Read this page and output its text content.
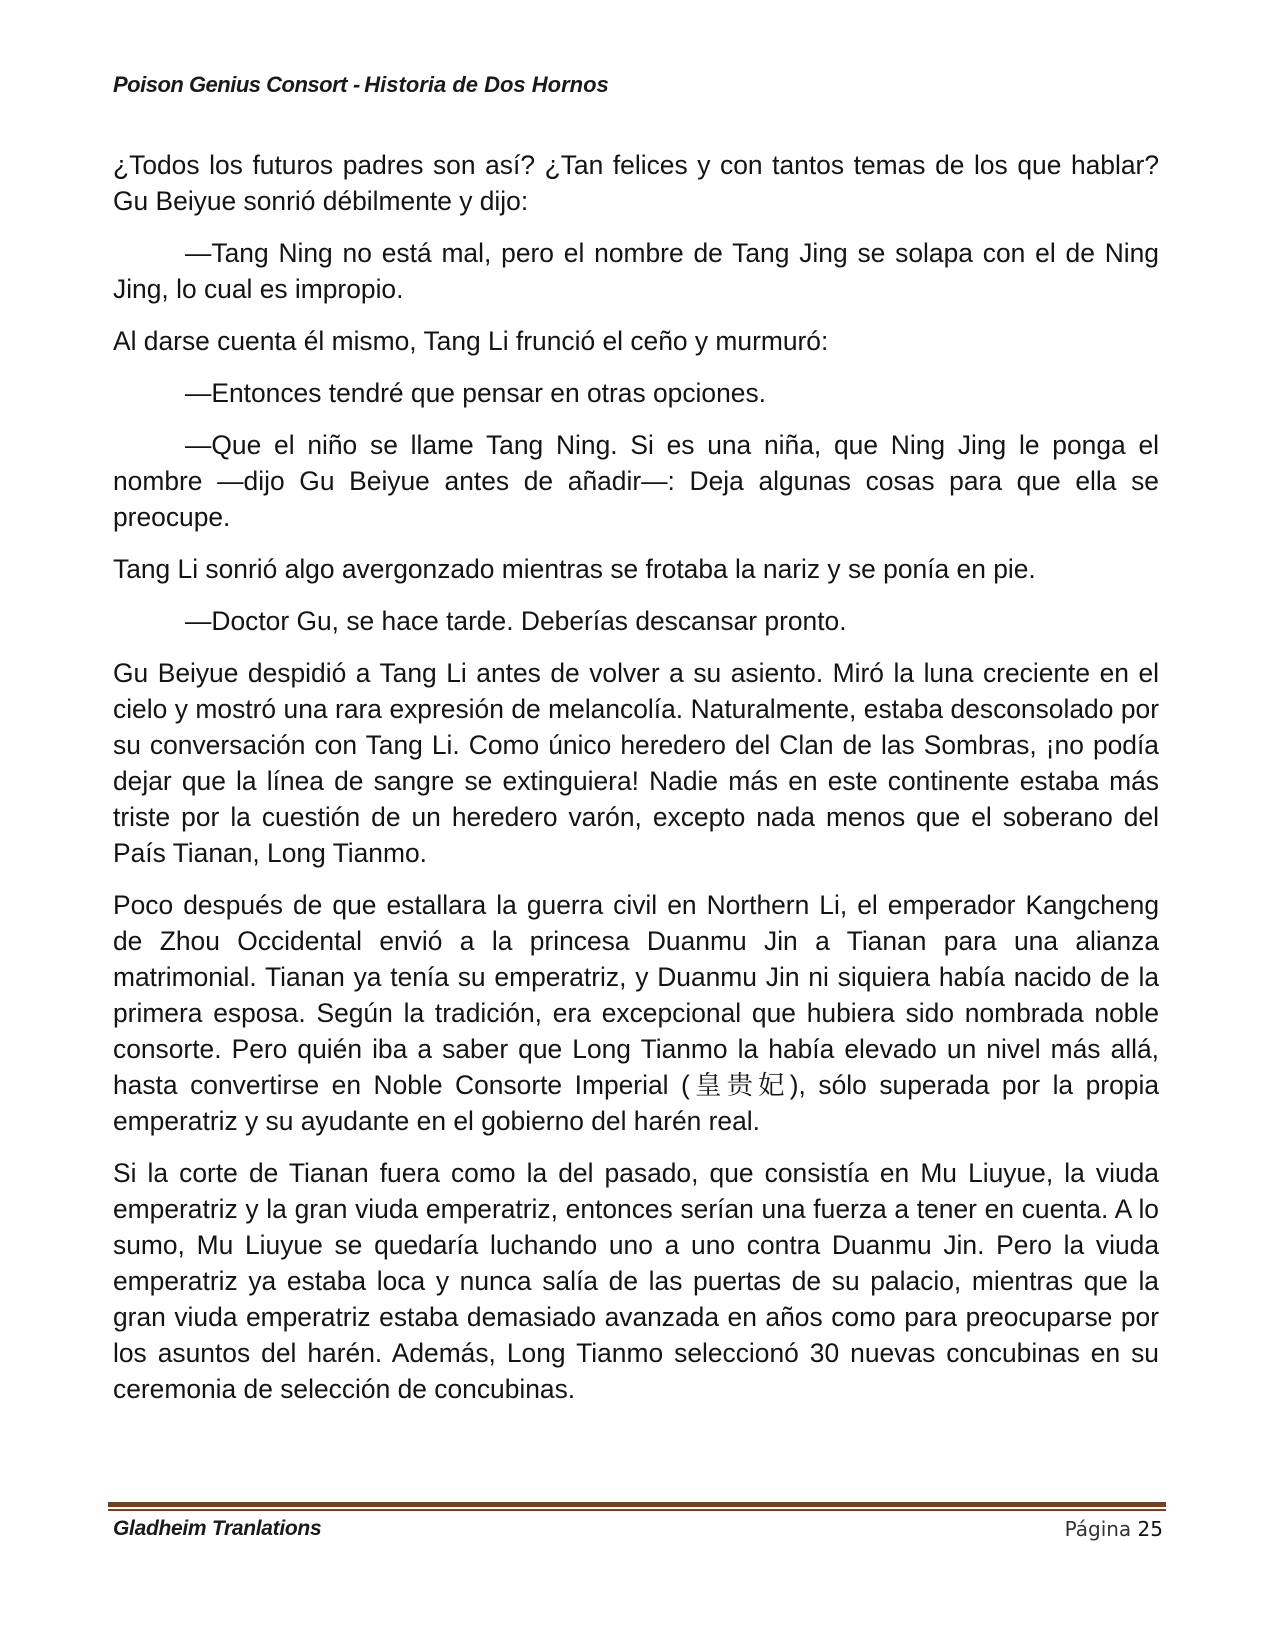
Poison Genius Consort - Historia de Dos Hornos

¿Todos los futuros padres son así? ¿Tan felices y con tantos temas de los que hablar? Gu Beiyue sonrió débilmente y dijo:

—Tang Ning no está mal, pero el nombre de Tang Jing se solapa con el de Ning Jing, lo cual es impropio.

Al darse cuenta él mismo, Tang Li frunció el ceño y murmuró:

—Entonces tendré que pensar en otras opciones.

—Que el niño se llame Tang Ning. Si es una niña, que Ning Jing le ponga el nombre —dijo Gu Beiyue antes de añadir—: Deja algunas cosas para que ella se preocupe.

Tang Li sonrió algo avergonzado mientras se frotaba la nariz y se ponía en pie.

—Doctor Gu, se hace tarde. Deberías descansar pronto.

Gu Beiyue despidió a Tang Li antes de volver a su asiento. Miró la luna creciente en el cielo y mostró una rara expresión de melancolía. Naturalmente, estaba desconsolado por su conversación con Tang Li. Como único heredero del Clan de las Sombras, ¡no podía dejar que la línea de sangre se extinguiera! Nadie más en este continente estaba más triste por la cuestión de un heredero varón, excepto nada menos que el soberano del País Tianan, Long Tianmo.

Poco después de que estallara la guerra civil en Northern Li, el emperador Kangcheng de Zhou Occidental envió a la princesa Duanmu Jin a Tianan para una alianza matrimonial. Tianan ya tenía su emperatriz, y Duanmu Jin ni siquiera había nacido de la primera esposa. Según la tradición, era excepcional que hubiera sido nombrada noble consorte. Pero quién iba a saber que Long Tianmo la había elevado un nivel más allá, hasta convertirse en Noble Consorte Imperial (皇贵妃), sólo superada por la propia emperatriz y su ayudante en el gobierno del harén real.

Si la corte de Tianan fuera como la del pasado, que consistía en Mu Liuyue, la viuda emperatriz y la gran viuda emperatriz, entonces serían una fuerza a tener en cuenta. A lo sumo, Mu Liuyue se quedaría luchando uno a uno contra Duanmu Jin. Pero la viuda emperatriz ya estaba loca y nunca salía de las puertas de su palacio, mientras que la gran viuda emperatriz estaba demasiado avanzada en años como para preocuparse por los asuntos del harén. Además, Long Tianmo seleccionó 30 nuevas concubinas en su ceremonia de selección de concubinas.

Gladheim Tranlations	Página 25
